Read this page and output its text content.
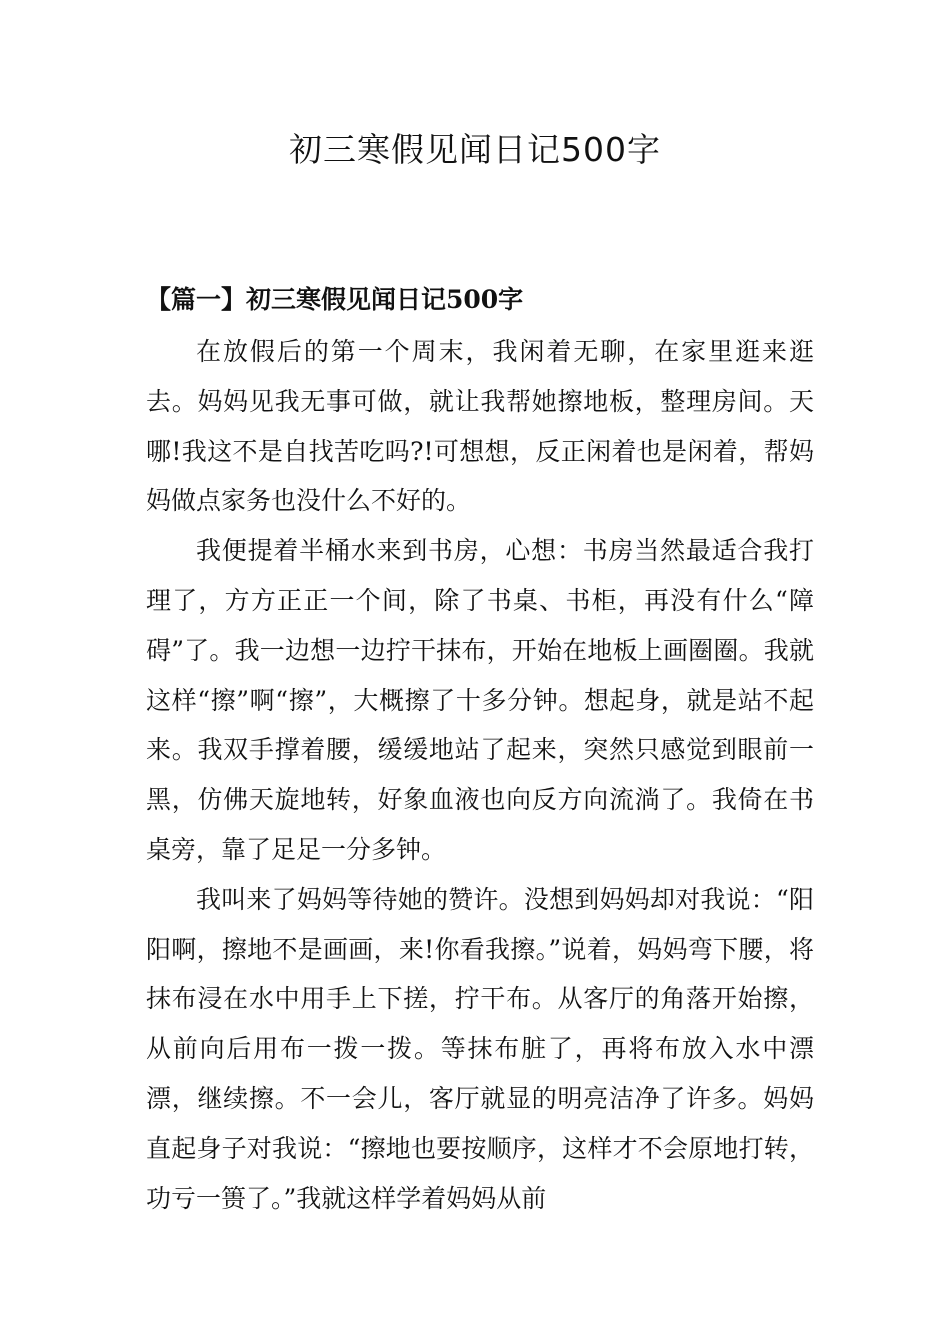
初三寒假见闻日记500字
【篇一】初三寒假见闻日记500字

在放假后的第一个周末，我闲着无聊，在家里逛来逛去。妈妈见我无事可做，就让我帮她擦地板，整理房间。天哪!我这不是自找苦吃吗?!可想想，反正闲着也是闲着，帮妈妈做点家务也没什么不好的。

我便提着半桶水来到书房，心想：书房当然最适合我打理了，方方正正一个间，除了书桌、书柜，再没有什么“障碍”了。我一边想一边拧干抹布，开始在地板上画圈圈。我就这样“擦”啊“擦”，大概擦了十多分钟。想起身，就是站不起来。我双手撑着腰，缓缓地站了起来，突然只感觉到眼前一黑，仿佛天旋地转，好象血液也向反方向流淌了。我倚在书桌旁，靠了足足一分多钟。

我叫来了妈妈等待她的赞许。没想到妈妈却对我说：“阳阳啊，擦地不是画画，来!你看我擦。”说着，妈妈弯下腰，将抹布浸在水中用手上下搓，拧干布。从客厅的角落开始擦，从前向后用布一拨一拨。等抹布脏了，再将布放入水中漂漂，继续擦。不一会儿，客厅就显的明亮洁净了许多。妈妈直起身子对我说：“擦地也要按顺序，这样才不会原地打转，功亏一篑了。”我就这样学着妈妈从前
